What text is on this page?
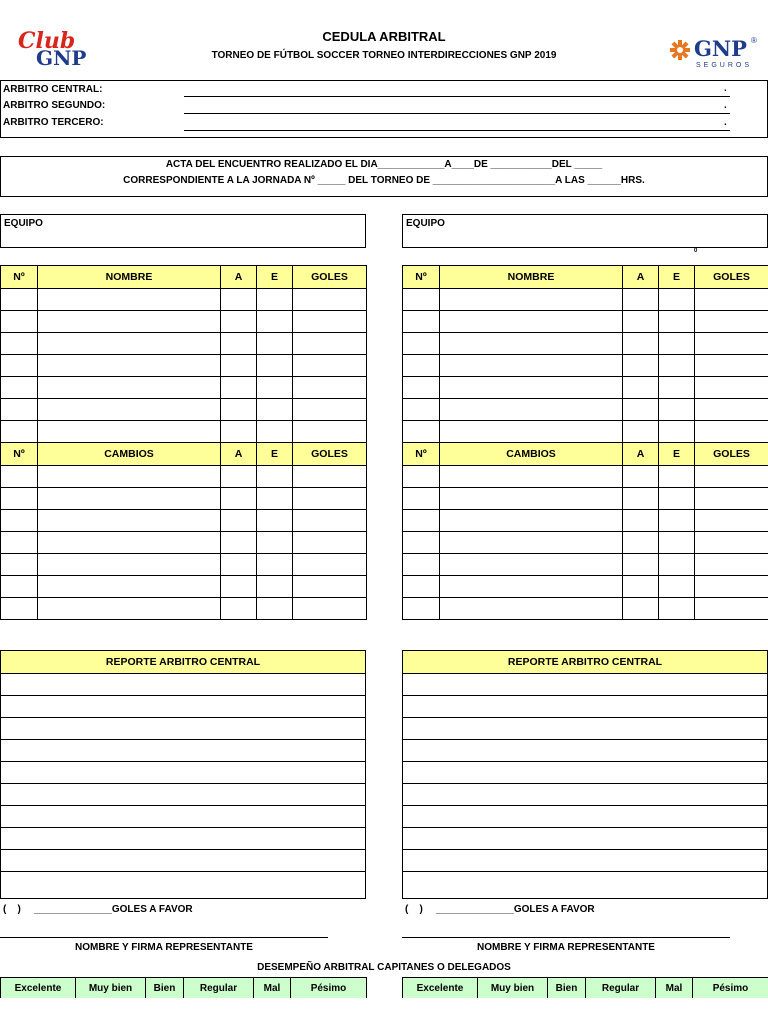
Club
GNP	GNP ®
SEGUROS
CEDULA ARBITRAL
TORNEO DE FÚTBOL SOCCER TORNEO INTERDIRECCIONES GNP 2019
ARBITRO CENTRAL:
ARBITRO SEGUNDO:
ARBITRO TERCERO:
.
.
.
ACTA DEL ENCUENTRO REALIZADO EL DIA____________A____DE ___________DEL _____
CORRESPONDIENTE A LA JORNADA Nº _____ DEL TORNEO DE ______________________A LAS ______HRS.
EQUIPO	EQUIPO
0
Nº	NOMBRE	A	E	GOLES

Nº	CAMBIOS	A	E	GOLES

Nº	NOMBRE	A	E	GOLES

Nº	CAMBIOS	A	E	GOLES

REPORTE ARBITRO CENTRAL	REPORTE ARBITRO CENTRAL
(    ) ______________GOLES A FAVOR	(    ) ______________GOLES A FAVOR
NOMBRE Y FIRMA REPRESENTANTE	NOMBRE Y FIRMA REPRESENTANTE
DESEMPEÑO ARBITRAL CAPITANES O DELEGADOS
Excelente	Muy bien	Bien	Regular	Mal	Pésimo	Excelente	Muy bien	Bien	Regular	Mal	Pésimo
